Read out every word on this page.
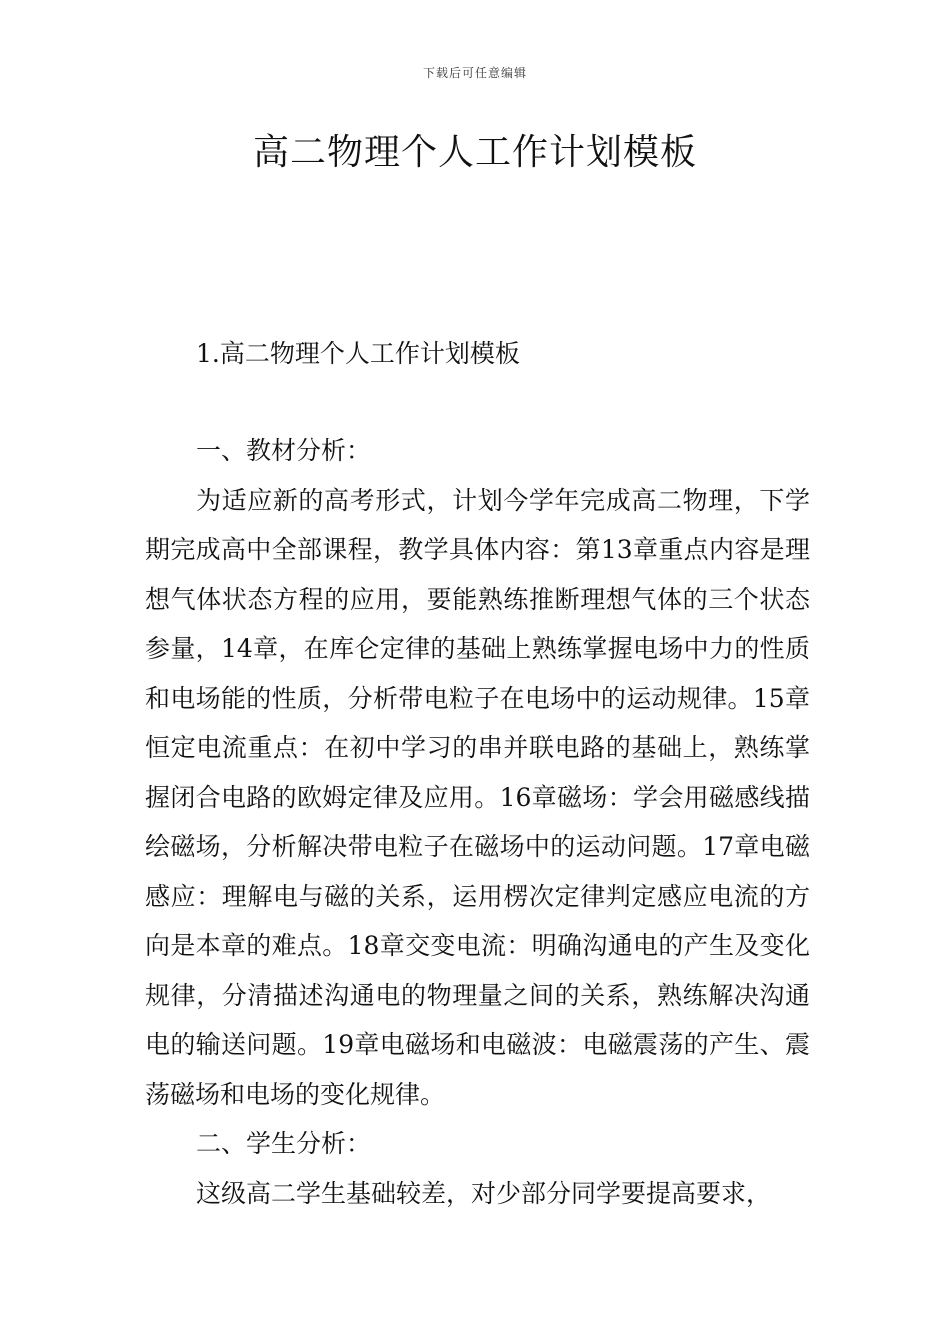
下载后可任意编辑
高二物理个人工作计划模板
1.高二物理个人工作计划模板

一、教材分析：

为适应新的高考形式，计划今学年完成高二物理，下学期完成高中全部课程，教学具体内容：第13章重点内容是理想气体状态方程的应用，要能熟练推断理想气体的三个状态参量，14章，在库仑定律的基础上熟练掌握电场中力的性质和电场能的性质，分析带电粒子在电场中的运动规律。15章恒定电流重点：在初中学习的串并联电路的基础上，熟练掌握闭合电路的欧姆定律及应用。16章磁场：学会用磁感线描绘磁场，分析解决带电粒子在磁场中的运动问题。17章电磁感应：理解电与磁的关系，运用楞次定律判定感应电流的方向是本章的难点。18章交变电流：明确沟通电的产生及变化规律，分清描述沟通电的物理量之间的关系，熟练解决沟通电的输送问题。19章电磁场和电磁波：电磁震荡的产生、震荡磁场和电场的变化规律。

二、学生分析：

这级高二学生基础较差，对少部分同学要提高要求，
